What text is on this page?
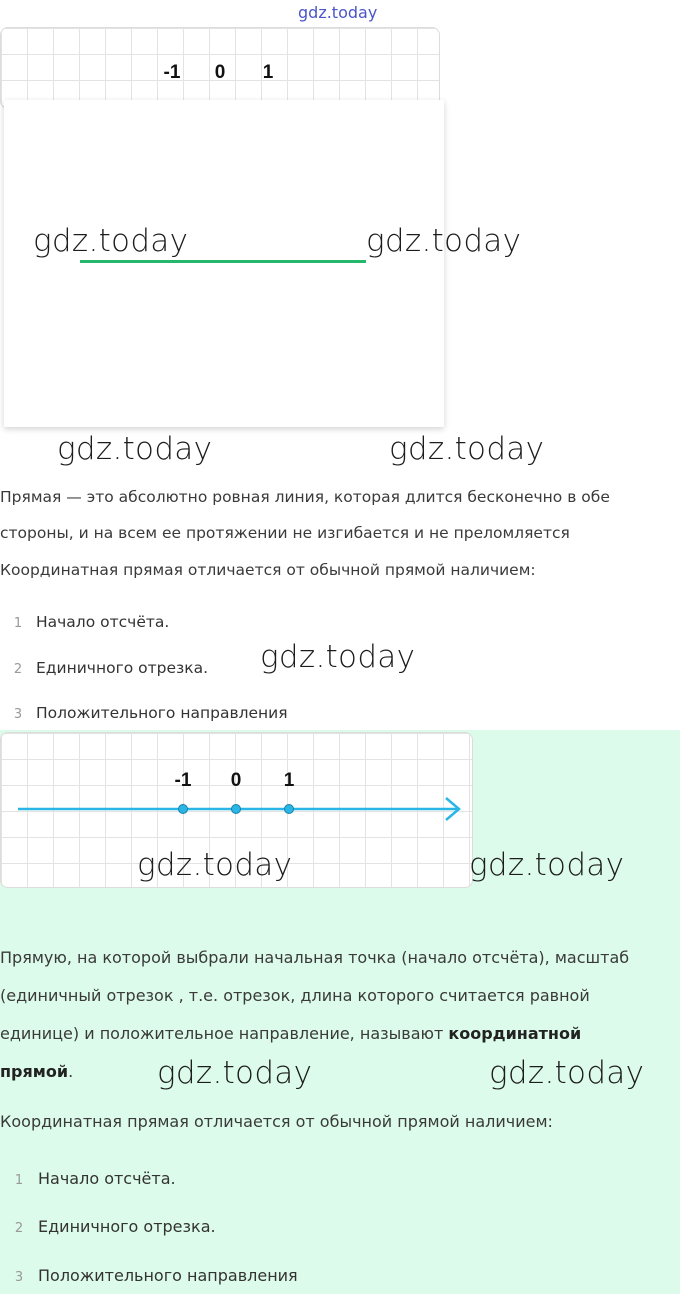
gdz.today
-1 0 1
gdz.today	gdz.today
gdz.today	gdz.today
Прямая — это абсолютно ровная линия, которая длится бесконечно в обе
стороны, и на всем ее протяжении не изгибается и не преломляется
Координатная прямая отличается от обычной прямой наличием:
1 Начало отсчёта.
2 Единичного отрезка.
3 Положительного направления
gdz.today
-1 0 1
gdz.today	gdz.today
Прямую, на которой выбрали начальная точка (начало отсчёта), масштаб
(единичный отрезок , т.е. отрезок, длина которого считается равной
единице) и положительное направление, называют координатной
прямой.	gdz.today	gdz.today
Координатная прямая отличается от обычной прямой наличием:
1 Начало отсчёта.
2 Единичного отрезка.
3 Положительного направления
